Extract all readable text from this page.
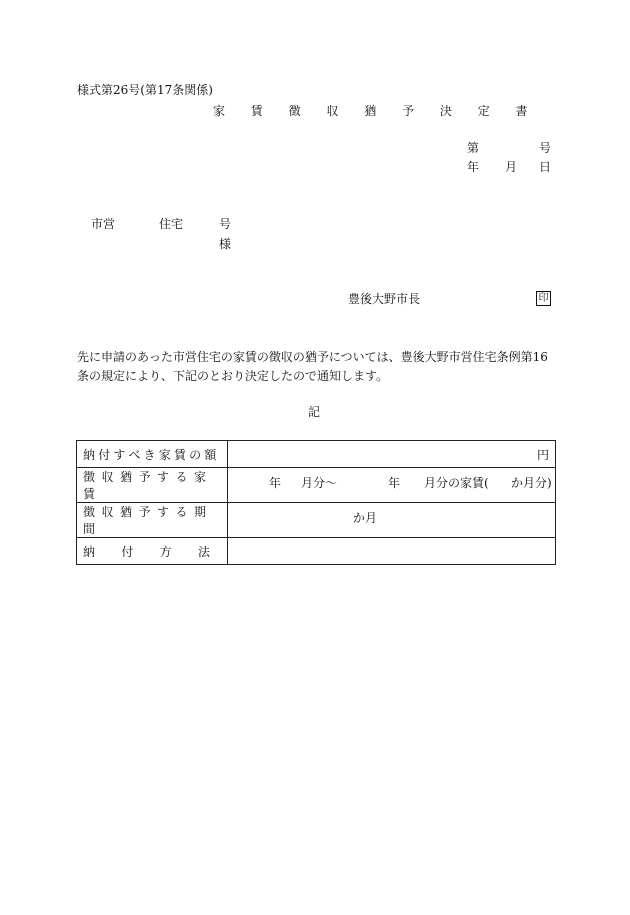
様式第26号(第17条関係)
家 賃 徴 収 猶 予 決 定 書
第	号
年 月 日
市営	住宅	号
様
豊後大野市長	印
先に申請のあった市営住宅の家賃の徴収の猶予については、豊後大野市営住宅条例第16条の規定により、下記のとおり決定したので通知します。
記
納付すべき家賃の額	円
徴収猶予する家賃	年 月分〜 年 月分の家賃( か月分)

徴収猶予する期間	か月

納 付 方 法	
